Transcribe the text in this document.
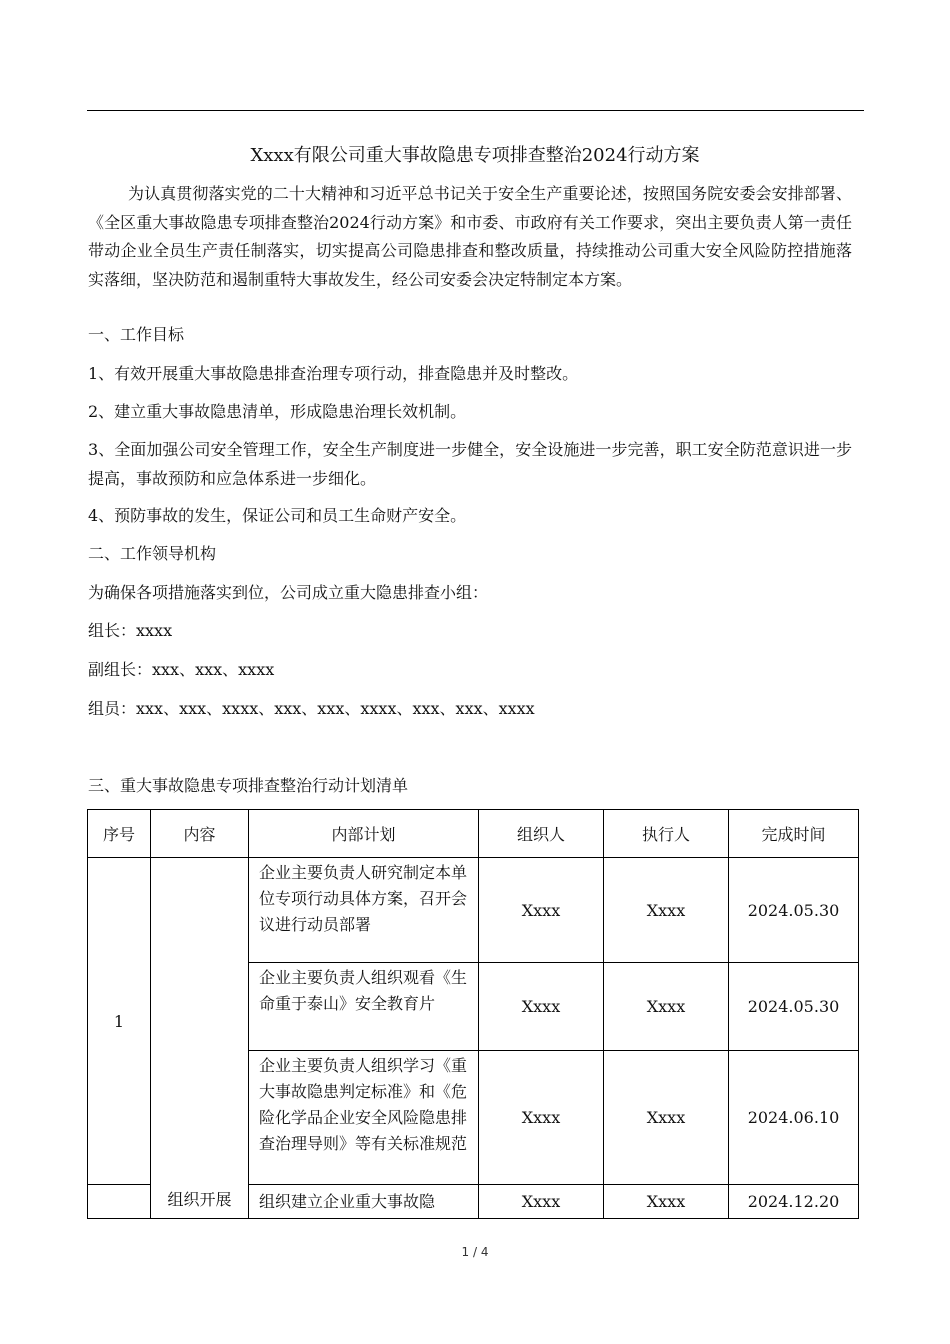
Xxxx有限公司重大事故隐患专项排查整治2024行动方案
为认真贯彻落实党的二十大精神和习近平总书记关于安全生产重要论述，按照国务院安委会安排部署、《全区重大事故隐患专项排查整治2024行动方案》和市委、市政府有关工作要求，突出主要负责人第一责任带动企业全员生产责任制落实，切实提高公司隐患排查和整改质量，持续推动公司重大安全风险防控措施落实落细，坚决防范和遏制重特大事故发生，经公司安委会决定特制定本方案。
一、工作目标
1、有效开展重大事故隐患排查治理专项行动，排查隐患并及时整改。
2、建立重大事故隐患清单，形成隐患治理长效机制。
3、全面加强公司安全管理工作，安全生产制度进一步健全，安全设施进一步完善，职工安全防范意识进一步提高，事故预防和应急体系进一步细化。
4、预防事故的发生，保证公司和员工生命财产安全。
二、工作领导机构
为确保各项措施落实到位，公司成立重大隐患排查小组：
组长：xxxx
副组长：xxx、xxx、xxxx
组员：xxx、xxx、xxxx、xxx、xxx、xxxx、xxx、xxx、xxxx
三、重大事故隐患专项排查整治行动计划清单
序号	内容	内部计划	组织人	执行人	完成时间
1	组织开展	企业主要负责人研究制定本单位专项行动具体方案，召开会议进行动员部署	Xxxx	Xxxx	2024.05.30
		企业主要负责人组织观看《生命重于泰山》安全教育片	Xxxx	Xxxx	2024.05.30
		企业主要负责人组织学习《重大事故隐患判定标准》和《危险化学品企业安全风险隐患排查治理导则》等有关标准规范	Xxxx	Xxxx	2024.06.10
		组织建立企业重大事故隐	Xxxx	Xxxx	2024.12.20
1 / 4
